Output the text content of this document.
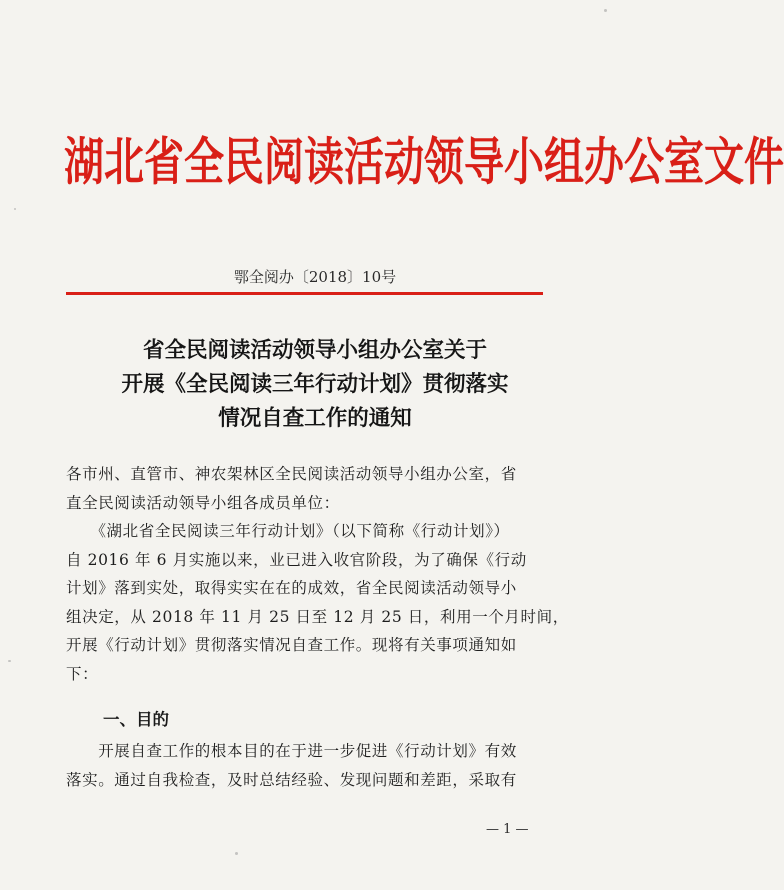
湖北省全民阅读活动领导小组办公室文件
鄂全阅办〔2018〕10号
省全民阅读活动领导小组办公室关于
开展《全民阅读三年行动计划》贯彻落实
情况自查工作的通知
各市州、直管市、神农架林区全民阅读活动领导小组办公室，省
直全民阅读活动领导小组各成员单位：
　　《湖北省全民阅读三年行动计划》（以下简称《行动计划》）
自 2016 年 6 月实施以来，业已进入收官阶段，为了确保《行动
计划》落到实处，取得实实在在的成效，省全民阅读活动领导小
组决定，从 2018 年 11 月 25 日至 12 月 25 日，利用一个月时间，
开展《行动计划》贯彻落实情况自查工作。现将有关事项通知如
下：
一、目的
　　开展自查工作的根本目的在于进一步促进《行动计划》有效
落实。通过自我检查，及时总结经验、发现问题和差距，采取有
— 1 —
